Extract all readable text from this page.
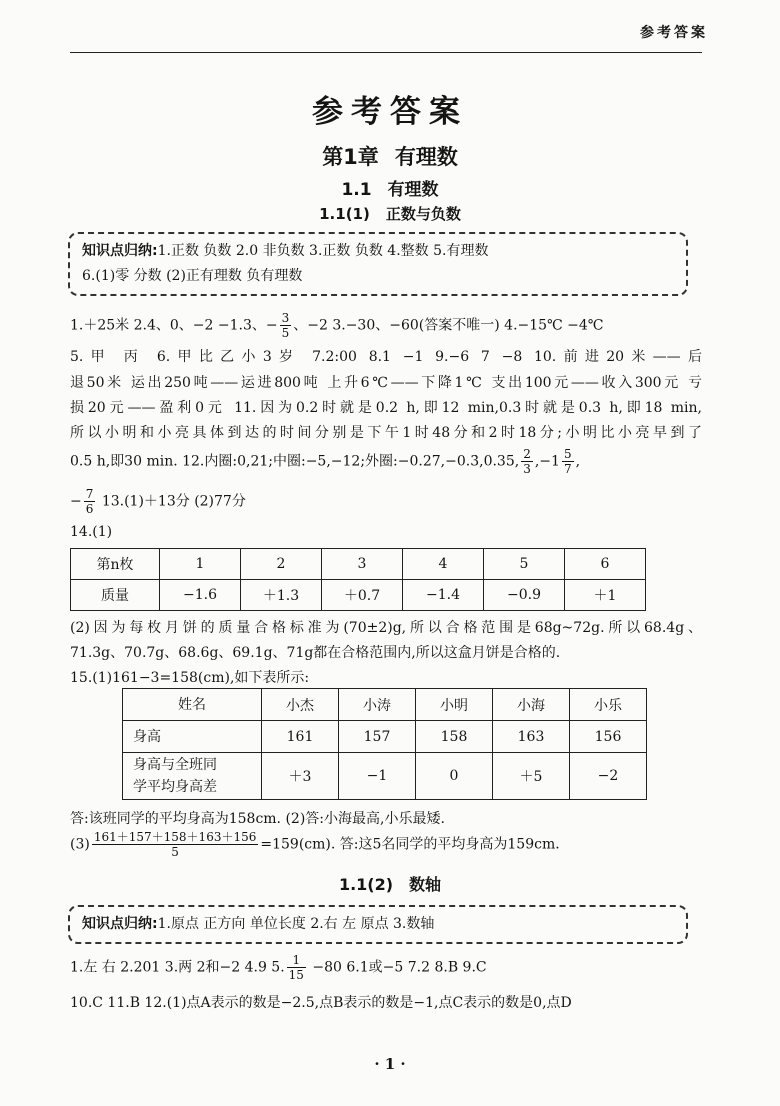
参考答案
参考答案
第1章 有理数
1.1 有理数
1.1(1) 正数与负数
知识点归纳:1.正数 负数 2.0 非负数 3.正数 负数 4.整数 5.有理数
6.(1)零 分数 (2)正有理数 负有理数
1.＋25米 2.4、0、−2 −1.3、− $\frac{3}{5}$ 、−2 3.−30、−60(答案不唯一) 4.−15℃ −4℃
5.甲 丙 6.甲比乙小3岁 7.2:00 8.1 −1 9.−6 7 −8 10.前进20米——后
退50米 运出250吨——运进800吨 上升6℃——下降1℃ 支出100元——收入300元 亏
损20元——盈利0元 11.因为0.2时就是0.2 h,即12 min,0.3时就是0.3 h,即18 min,
所以小明和小亮具体到达的时间分别是下午1时48分和2时18分;小明比小亮早到了
0.5 h,即30 min. 12.内圈:0,21;中圈:−5,−12;外圈:−0.27,−0.3̇,0.35, $\frac{2}{3} ,-1 \frac{5}{7}$ ,
− $\frac{7}{6} 13.(1)+13$分 (2)77分
14.(1)
第n枚	1	2	3	4	5	6
质量	−1.6	＋1.3	＋0.7	−1.4	−0.9	＋1
(2)因为每枚月饼的质量合格标准为(70±2)g,所以合格范围是68g~72g.所以68.4g、
71.3g、70.7g、68.6g、69.1g、71g都在合格范围内,所以这盒月饼是合格的.
15.(1)161−3=158(cm),如下表所示:
姓名	小杰	小涛	小明	小海	小乐
身高	161	157	158	163	156

身高与全班同
学平均身高差	＋3	−1	0	＋5	−2
答:该班同学的平均身高为158cm. (2)答:小海最高,小乐最矮.
$(3) \frac{161+157+158+163+156}{5} =159(cm)$. 答:这5名同学的平均身高为159cm.
1.1(2) 数轴
知识点归纳:1.原点 正方向 单位长度 2.右 左 原点 3.数轴
1.左 右 2.201 3.两 2和−2 4.9 5. $\frac{1}{15} -80$ 6.1或−5 7.2 8.B 9.C
10.C 11.B 12.(1)点A表示的数是−2.5,点B表示的数是−1,点C表示的数是0,点D
· 1 ·
